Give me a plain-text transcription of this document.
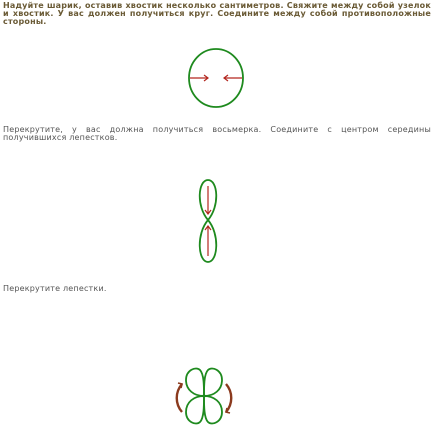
Надуйте шарик, оставив хвостик несколько сантиметров. Свяжите между собой узелок и хвостик. У вас должен получиться круг. Соедините между собой противоположные стороны.
Перекрутите, у вас должна получиться восьмерка. Соедините с центром середины получившихся лепестков.
Перекрутите лепестки.
